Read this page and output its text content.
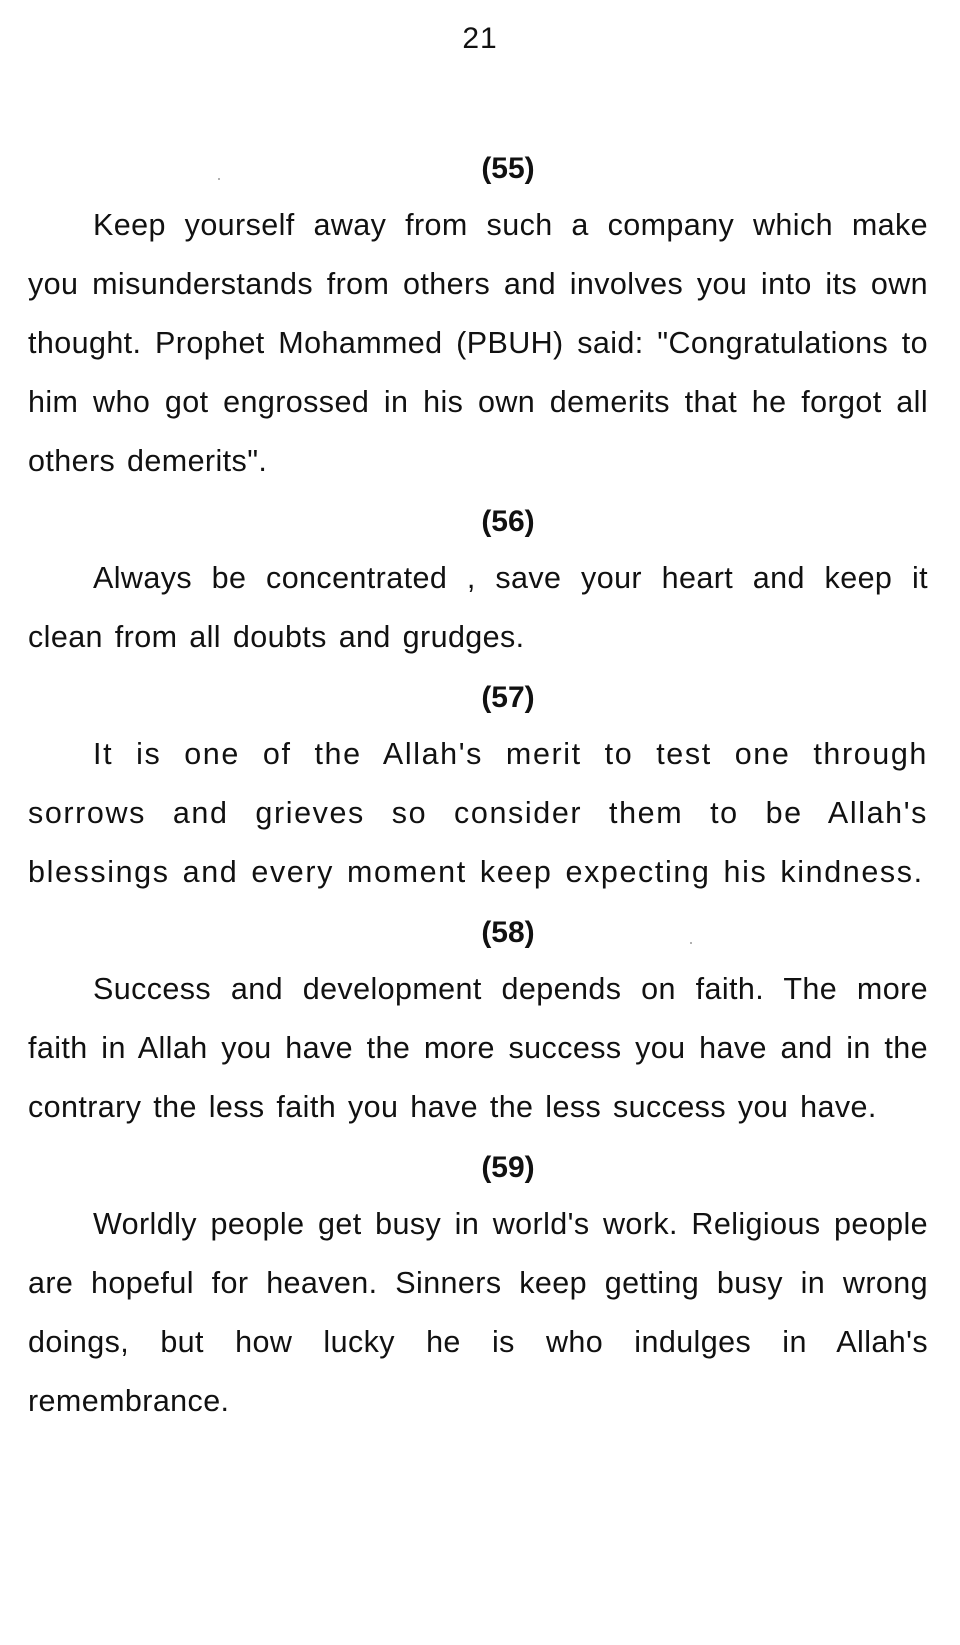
21
(55)

Keep yourself away from such a company which make you misunderstands from others and involves you into its own thought. Prophet Mohammed (PBUH) said: "Congratulations to him who got engrossed in his own demerits that he forgot all others demerits".

(56)

Always be concentrated , save your heart and keep it clean from all doubts and grudges.

(57)

It is one of the Allah's merit to test one through sorrows and grieves so consider them to be Allah's blessings and every moment keep expecting his kindness.

(58)

Success and development depends on faith. The more faith in Allah you have the more success you have and in the contrary the less faith you have the less success you have.

(59)

Worldly people get busy in world's work. Religious people are hopeful for heaven. Sinners keep getting busy in wrong doings, but how lucky he is who indulges in Allah's remembrance.
